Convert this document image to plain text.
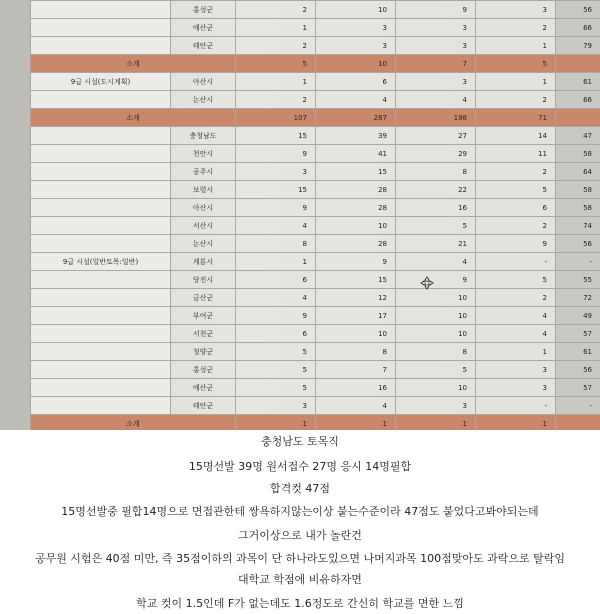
	홍성군	2	10	9	3	56
	예산군	1	3	3	2	66
	태안군	2	3	3	1	79
소계		5	10	7	5	
9급 시설(도시계획)	아산시	1	6	3	1	61
	논산시	2	4	4	2	66
소계		107	287	198	71	
	충청남도	15	39	27	14	47
	천안시	9	41	29	11	58
	공주시	3	15	8	2	64
	보령시	15	28	22	5	58
	아산시	9	28	16	6	58
	서산시	4	10	5	2	74
	논산시	8	28	21	9	56
9급 시설(일반토목:일반)	계룡시	1	9	4	-	-
	당진시	6	15	9	5	55
	금산군	4	12	10	2	72
	부여군	9	17	10	4	49
	서천군	6	10	10	4	57
	청양군	5	8	8	1	61
	홍성군	5	7	5	3	56
	예산군	5	16	10	3	57
	태안군	3	4	3	-	-
소계		1	1	1	1	

충청남도 토목직

15명선발 39명 원서접수 27명 응시 14명필합

합격컷 47점

15명선발중 필합14명으로 면접관한테 쌍욕하지않는이상 붙는수준이라 47점도 붙었다고봐야되는데

그거이상으로 내가 놀란건

공무원 시험은 40점 미만, 즉 35점이하의 과목이 단 하나라도있으면 나머지과목 100점맞아도 과락으로 탈락임

대학교 학점에 비유하자면

학교 컷이 1.5인데 F가 없는데도 1.6정도로 간신히 학교를 면한 느낌
